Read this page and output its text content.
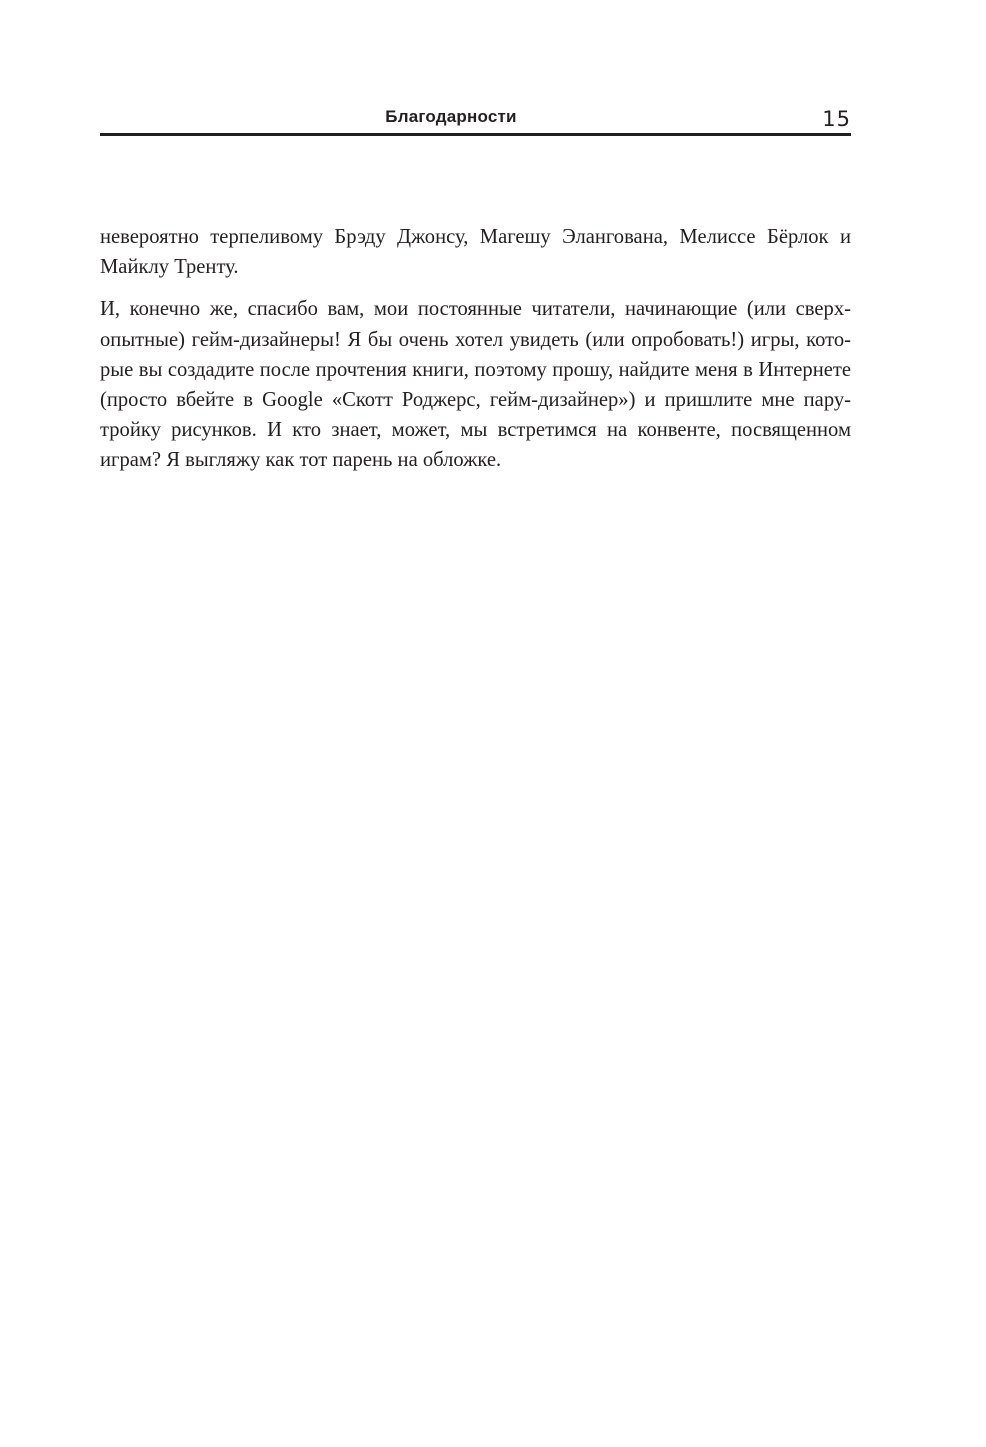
Благодарности	15

невероятно терпеливому Брэду Джонсу, Магешу Элангована, Мелиссе Бёрлок и Майклу Тренту.

И, конечно же, спасибо вам, мои постоянные читатели, начинающие (или сверхопытные) гейм-дизайнеры! Я бы очень хотел увидеть (или опробовать!) игры, которые вы создадите после прочтения книги, поэтому прошу, найдите меня в Интернете (просто вбейте в Google «Скотт Роджерс, гейм-дизайнер») и пришлите мне пару-тройку рисунков. И кто знает, может, мы встретимся на конвенте, посвященном играм? Я выгляжу как тот парень на обложке.
